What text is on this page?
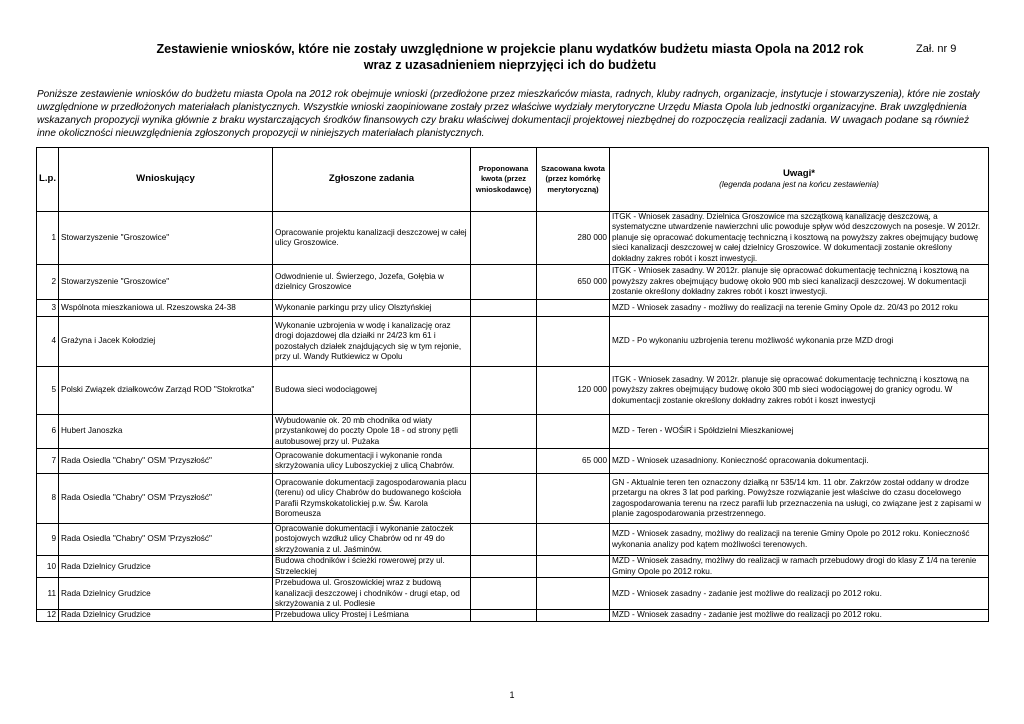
Zestawienie wniosków, które nie zostały uwzględnione w projekcie planu wydatków budżetu miasta Opola na 2012 rok
wraz z uzasadnieniem nieprzyjęci ich do budżetu
Zał. nr 9
Poniższe zestawienie wniosków do budżetu miasta Opola na 2012 rok obejmuje wnioski (przedłożone przez mieszkańców miasta, radnych, kluby radnych, organizacje, instytucje i stowarzyszenia), które nie zostały uwzględnione w przedłożonych materiałach planistycznych. Wszystkie wnioski zaopiniowane zostały przez właściwe wydziały merytoryczne Urzędu Miasta Opola lub jednostki organizacyjne. Brak uwzględnienia wskazanych propozycji wynika głównie z braku wystarczających środków finansowych czy braku właściwej dokumentacji projektowej niezbędnej do rozpoczęcia realizacji zadania. W uwagach podane są również inne okoliczności nieuwzględnienia zgłoszonych propozycji w niniejszych materiałach planistycznych.
L.p.	Wnioskujący	Zgłoszone zadania	Proponowana kwota (przez wnioskodawcę)	Szacowana kwota (przez komórkę merytoryczną)	Uwagi*
(legenda podana jest na końcu zestawienia)

1	Stowarzyszenie "Groszowice"	Opracowanie projektu kanalizacji deszczowej w całej ulicy Groszowice.		280 000	ITGK - Wniosek zasadny. Dzielnica Groszowice ma szczątkową kanalizację deszczową, a systematyczne utwardzenie nawierzchni ulic powoduje spływ wód deszczowych na posesje. W 2012r. planuje się opracować dokumentację techniczną i kosztową na powyższy zakres obejmujący budowę sieci kanalizacji deszczowej w całej dzielnicy Groszowice. W dokumentacji zostanie określony dokładny zakres robót i koszt inwestycji.
2	Stowarzyszenie "Groszowice"	Odwodnienie ul. Świerzego, Jozefa, Gołębia w dzielnicy Groszowice		650 000	ITGK - Wniosek zasadny. W 2012r. planuje się opracować dokumentację techniczną i kosztową na powyższy zakres obejmujący budowę około 900 mb sieci kanalizacji deszczowej. W dokumentacji zostanie określony dokładny zakres robót i koszt inwestycji.
3	Wspólnota mieszkaniowa ul. Rzeszowska 24-38	Wykonanie parkingu przy ulicy Olsztyńskiej			MZD - Wniosek zasadny - możliwy do realizacji na terenie Gminy Opole dz. 20/43 po 2012 roku
4	Grażyna i Jacek Kołodziej	Wykonanie uzbrojenia w wodę i kanalizację oraz drogi dojazdowej dla działki nr 24/23 km 61 i pozostałych działek znajdujących się w tym rejonie, przy ul. Wandy Rutkiewicz w Opolu			MZD - Po wykonaniu uzbrojenia terenu możliwość wykonania prze MZD drogi
5	Polski Związek działkowców Zarząd ROD "Stokrotka"	Budowa sieci wodociągowej		120 000	ITGK - Wniosek zasadny. W 2012r. planuje się opracować dokumentację techniczną i kosztową na powyższy zakres obejmujący budowę około 300 mb sieci wodociągowej do granicy ogrodu. W dokumentacji zostanie określony dokładny zakres robót i koszt inwestycji
6	Hubert Janoszka	Wybudowanie ok. 20 mb chodnika od wiaty przystankowej do poczty Opole 18 - od strony pętli autobusowej przy ul. Pużaka			MZD - Teren - WOŚiR i Spółdzielni Mieszkaniowej
7	Rada Osiedla "Chabry" OSM 'Przyszłość"	Opracowanie dokumentacji i wykonanie ronda skrzyżowania ulicy Luboszyckiej z ulicą Chabrów.		65 000	MZD - Wniosek uzasadniony. Konieczność opracowania dokumentacji.
8	Rada Osiedla "Chabry" OSM 'Przyszłość"	Opracowanie dokumentacji zagospodarowania placu (terenu) od ulicy Chabrów do budowanego kościoła Parafii Rzymskokatolickiej p.w. Św. Karola Boromeusza			GN - Aktualnie teren ten oznaczony działką nr 535/14 km. 11 obr. Zakrzów został oddany w drodze przetargu na okres 3 lat pod parking. Powyższe rozwiązanie jest właściwe do czasu docelowego zagospodarowania terenu na rzecz parafii lub przeznaczenia na usługi, co związane jest z zapisami w planie zagospodarowania przestrzennego.
9	Rada Osiedla "Chabry" OSM 'Przyszłość"	Opracowanie dokumentacji i wykonanie zatoczek postojowych wzdłuż ulicy Chabrów od nr 49 do skrzyżowania z ul. Jaśminów.			MZD - Wniosek zasadny, możliwy do realizacji na terenie Gminy Opole po 2012 roku. Konieczność wykonania analizy pod kątem możliwości terenowych.
10	Rada Dzielnicy Grudzice	Budowa chodników i ścieżki rowerowej przy ul. Strzeleckiej			MZD - Wniosek zasadny, możliwy do realizacji w ramach przebudowy drogi do klasy Z 1/4 na terenie Gminy Opole po 2012 roku.
11	Rada Dzielnicy Grudzice	Przebudowa ul. Groszowickiej wraz z budową kanalizacji deszczowej i chodników - drugi etap, od skrzyżowania z ul. Podlesie			MZD - Wniosek zasadny - zadanie jest możliwe do realizacji po 2012 roku.
12	Rada Dzielnicy Grudzice	Przebudowa ulicy Prostej i Leśmiana			MZD - Wniosek zasadny - zadanie jest możliwe do realizacji po 2012 roku.
1
